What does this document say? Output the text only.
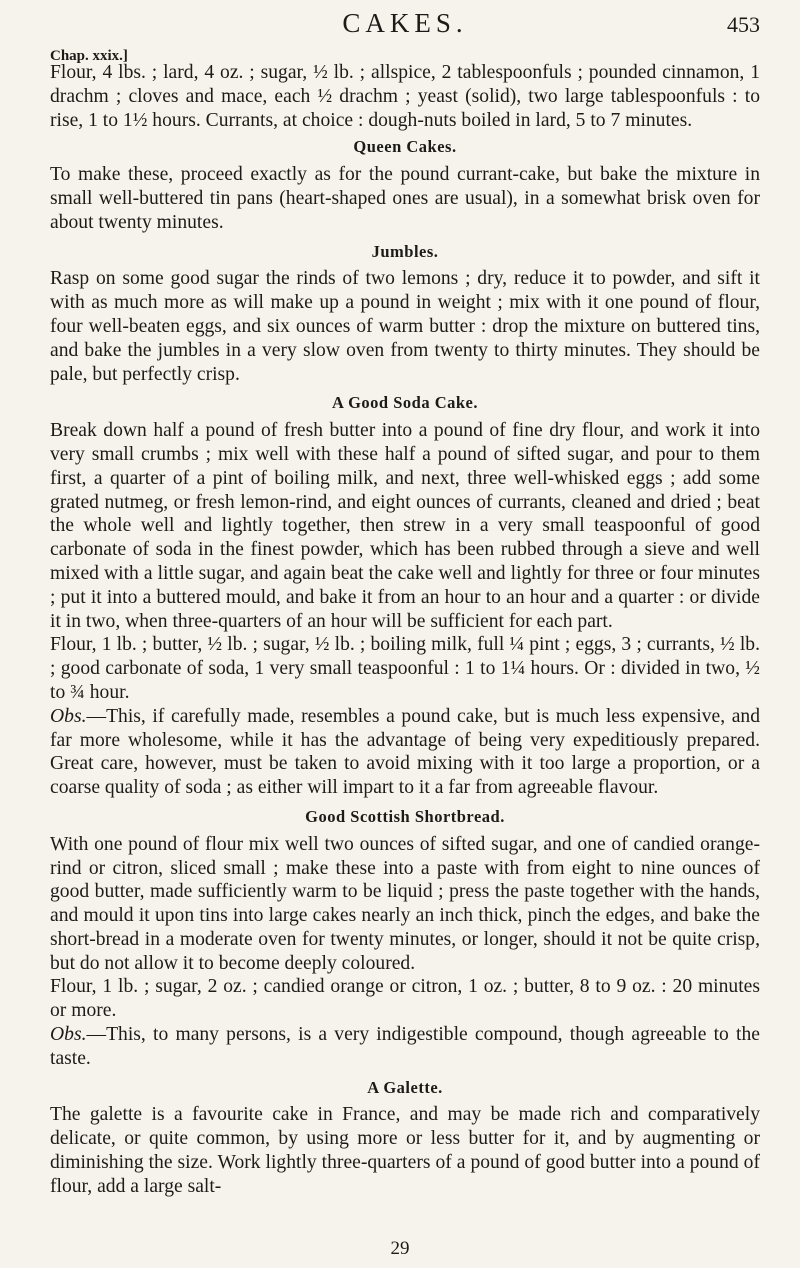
CAKES.	453
Chap. xxix.]

Flour, 4 lbs. ; lard, 4 oz. ; sugar, ½ lb. ; allspice, 2 tablespoonfuls ; pounded cinnamon, 1 drachm ; cloves and mace, each ½ drachm ; yeast (solid), two large tablespoonfuls : to rise, 1 to 1½ hours. Currants, at choice : dough-nuts boiled in lard, 5 to 7 minutes.

Queen Cakes.

To make these, proceed exactly as for the pound currant-cake, but bake the mixture in small well-buttered tin pans (heart-shaped ones are usual), in a somewhat brisk oven for about twenty minutes.

Jumbles.

Rasp on some good sugar the rinds of two lemons ; dry, reduce it to powder, and sift it with as much more as will make up a pound in weight ; mix with it one pound of flour, four well-beaten eggs, and six ounces of warm butter : drop the mixture on buttered tins, and bake the jumbles in a very slow oven from twenty to thirty minutes. They should be pale, but perfectly crisp.

A Good Soda Cake.

Break down half a pound of fresh butter into a pound of fine dry flour, and work it into very small crumbs ; mix well with these half a pound of sifted sugar, and pour to them first, a quarter of a pint of boiling milk, and next, three well-whisked eggs ; add some grated nutmeg, or fresh lemon-rind, and eight ounces of currants, cleaned and dried ; beat the whole well and lightly together, then strew in a very small teaspoonful of good carbonate of soda in the finest powder, which has been rubbed through a sieve and well mixed with a little sugar, and again beat the cake well and lightly for three or four minutes ; put it into a buttered mould, and bake it from an hour to an hour and a quarter : or divide it in two, when three-quarters of an hour will be sufficient for each part.

Flour, 1 lb. ; butter, ½ lb. ; sugar, ½ lb. ; boiling milk, full ¼ pint ; eggs, 3 ; currants, ½ lb. ; good carbonate of soda, 1 very small teaspoonful : 1 to 1¼ hours. Or : divided in two, ½ to ¾ hour.

Obs.—This, if carefully made, resembles a pound cake, but is much less expensive, and far more wholesome, while it has the advantage of being very expeditiously prepared. Great care, however, must be taken to avoid mixing with it too large a proportion, or a coarse quality of soda ; as either will impart to it a far from agreeable flavour.

Good Scottish Shortbread.

With one pound of flour mix well two ounces of sifted sugar, and one of candied orange-rind or citron, sliced small ; make these into a paste with from eight to nine ounces of good butter, made sufficiently warm to be liquid ; press the paste together with the hands, and mould it upon tins into large cakes nearly an inch thick, pinch the edges, and bake the short-bread in a moderate oven for twenty minutes, or longer, should it not be quite crisp, but do not allow it to become deeply coloured.

Flour, 1 lb. ; sugar, 2 oz. ; candied orange or citron, 1 oz. ; butter, 8 to 9 oz. : 20 minutes or more.

Obs.—This, to many persons, is a very indigestible compound, though agreeable to the taste.

A Galette.

The galette is a favourite cake in France, and may be made rich and comparatively delicate, or quite common, by using more or less butter for it, and by augmenting or diminishing the size. Work lightly three-quarters of a pound of good butter into a pound of flour, add a large salt-

29
